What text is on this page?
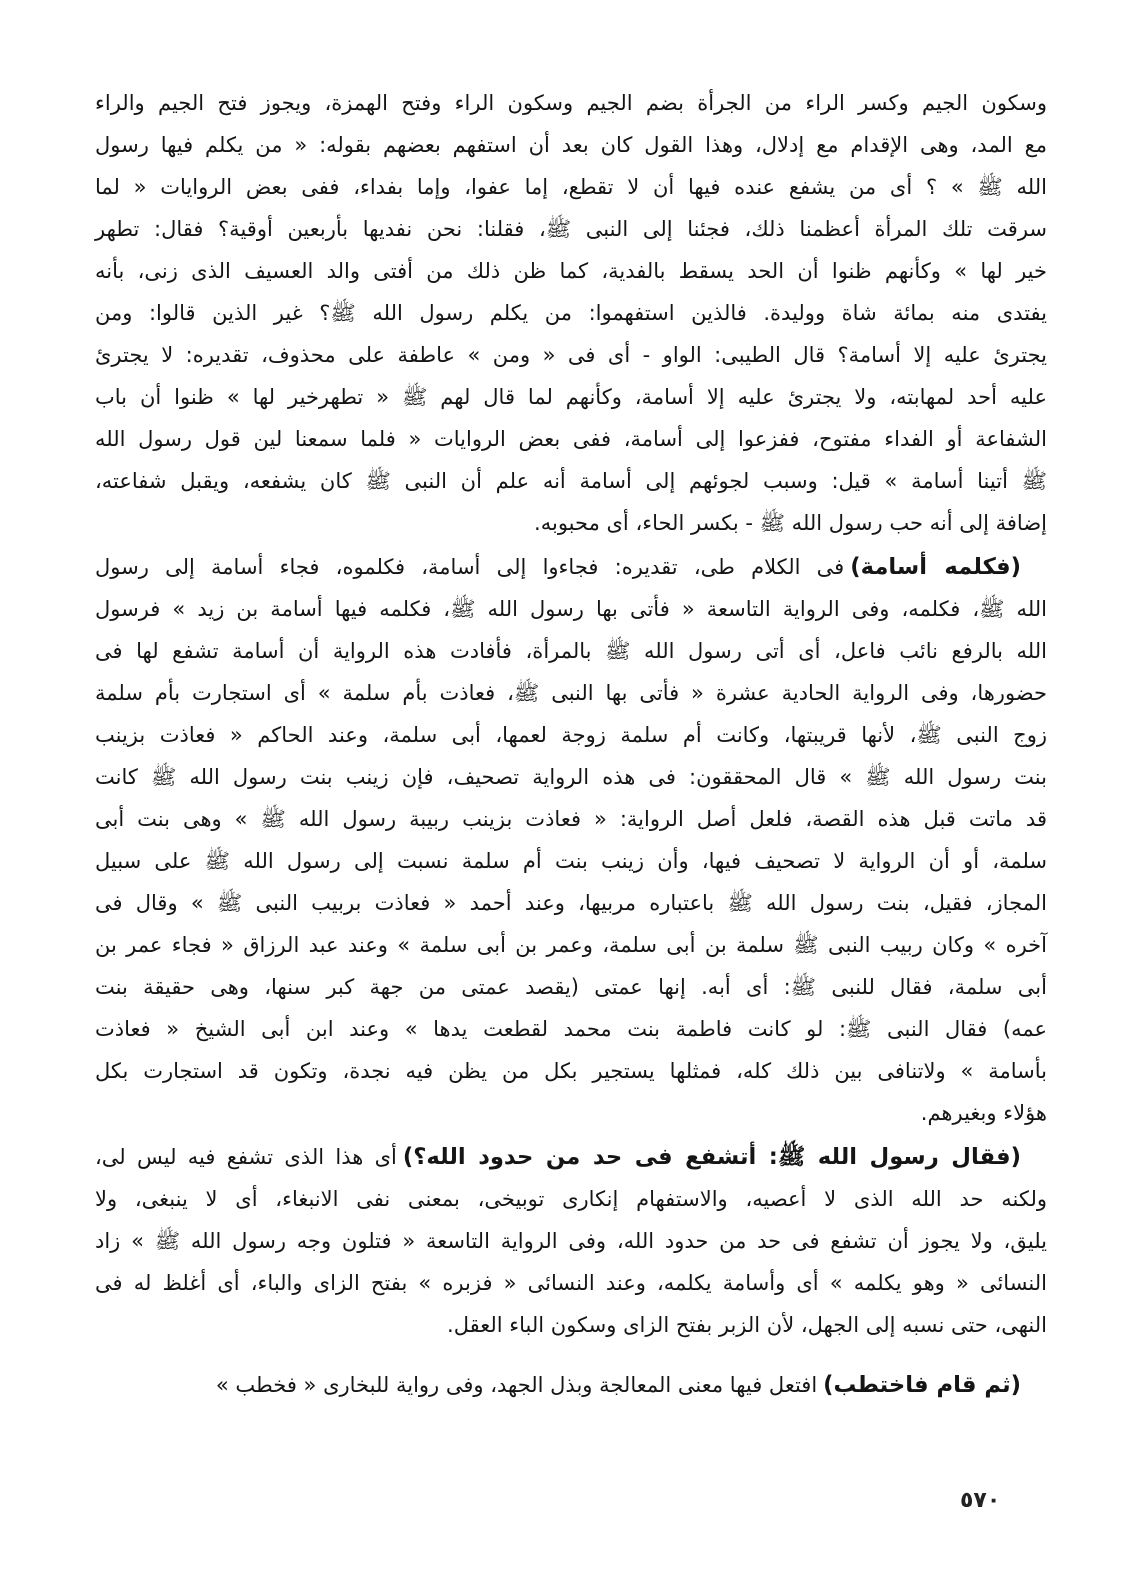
وسكون الجيم وكسر الراء من الجرأة بضم الجيم وسكون الراء وفتح الهمزة، ويجوز فتح الجيم والراء
مع المد، وهى الإقدام مع إدلال، وهذا القول كان بعد أن استفهم بعضهم بقوله: « من يكلم فيها رسول
الله ﷺ » ؟ أى من يشفع عنده فيها أن لا تقطع، إما عفوا، وإما بفداء، ففى بعض الروايات « لما
سرقت تلك المرأة أعظمنا ذلك، فجئنا إلى النبى ﷺ، فقلنا: نحن نفديها بأربعين أوقية؟ فقال: تطهر
خير لها » وكأنهم ظنوا أن الحد يسقط بالفدية، كما ظن ذلك من أفتى والد العسيف الذى زنى، بأنه
يفتدى منه بمائة شاة ووليدة. فالذين استفهموا: من يكلم رسول الله ﷺ؟ غير الذين قالوا: ومن
يجترئ عليه إلا أسامة؟ قال الطيبى: الواو - أى فى « ومن » عاطفة على محذوف، تقديره: لا يجترئ
عليه أحد لمهابته، ولا يجترئ عليه إلا أسامة، وكأنهم لما قال لهم ﷺ « تطهرخير لها » ظنوا أن باب
الشفاعة أو الفداء مفتوح، ففزعوا إلى أسامة، ففى بعض الروايات « فلما سمعنا لين قول رسول الله
ﷺ أتينا أسامة » قيل: وسبب لجوئهم إلى أسامة أنه علم أن النبى ﷺ كان يشفعه، ويقبل شفاعته،
إضافة إلى أنه حب رسول الله ﷺ - بكسر الحاء، أى محبوبه.
(فكلمه أسامة)فى الكلام طى، تقديره: فجاءوا إلى أسامة، فكلموه، فجاء أسامة إلى رسول
الله ﷺ، فكلمه، وفى الرواية التاسعة « فأتى بها رسول الله ﷺ، فكلمه فيها أسامة بن زيد » فرسول
الله بالرفع نائب فاعل، أى أتى رسول الله ﷺ بالمرأة، فأفادت هذه الرواية أن أسامة تشفع لها فى
حضورها، وفى الرواية الحادية عشرة « فأتى بها النبى ﷺ، فعاذت بأم سلمة » أى استجارت بأم سلمة
زوج النبى ﷺ، لأنها قريبتها، وكانت أم سلمة زوجة لعمها، أبى سلمة، وعند الحاكم « فعاذت بزينب
بنت رسول الله ﷺ » قال المحققون: فى هذه الرواية تصحيف، فإن زينب بنت رسول الله ﷺ كانت
قد ماتت قبل هذه القصة، فلعل أصل الرواية: « فعاذت بزينب ربيبة رسول الله ﷺ » وهى بنت أبى
سلمة، أو أن الرواية لا تصحيف فيها، وأن زينب بنت أم سلمة نسبت إلى رسول الله ﷺ على سبيل
المجاز، فقيل، بنت رسول الله ﷺ باعتباره مربيها، وعند أحمد « فعاذت بربيب النبى ﷺ » وقال فى
آخره » وكان ربيب النبى ﷺ سلمة بن أبى سلمة، وعمر بن أبى سلمة » وعند عبد الرزاق « فجاء عمر بن
أبى سلمة، فقال للنبى ﷺ: أى أبه. إنها عمتى (يقصد عمتى من جهة كبر سنها، وهى حقيقة بنت
عمه) فقال النبى ﷺ: لو كانت فاطمة بنت محمد لقطعت يدها » وعند ابن أبى الشيخ « فعاذت
بأسامة » ولاتنافى بين ذلك كله، فمثلها يستجير بكل من يظن فيه نجدة، وتكون قد استجارت بكل
هؤلاء وبغيرهم.
(فقال رسول الله ﷺ: أتشفع فى حد من حدود الله؟)أى هذا الذى تشفع فيه ليس لى،
ولكنه حد الله الذى لا أعصيه، والاستفهام إنكارى توبيخى، بمعنى نفى الانبغاء، أى لا ينبغى، ولا
يليق، ولا يجوز أن تشفع فى حد من حدود الله، وفى الرواية التاسعة « فتلون وجه رسول الله ﷺ » زاد
النسائى « وهو يكلمه » أى وأسامة يكلمه، وعند النسائى « فزبره » بفتح الزاى والباء، أى أغلظ له فى
النهى، حتى نسبه إلى الجهل، لأن الزبر بفتح الزاى وسكون الباء العقل.
(ثم قام فاختطب)افتعل فيها معنى المعالجة وبذل الجهد، وفى رواية للبخارى « فخطب »
٥٧٠
